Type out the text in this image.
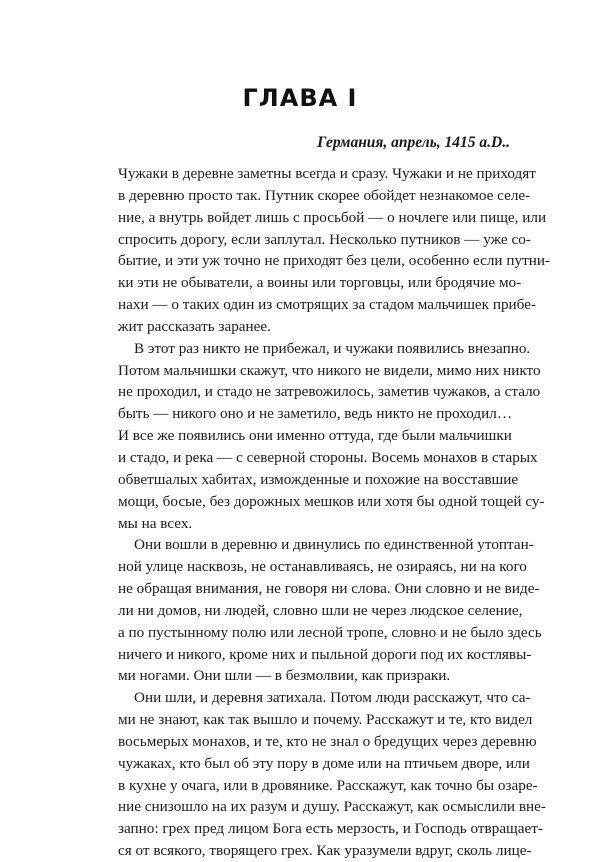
ГЛАВА I
Германия, апрель, 1415 a.D..
Чужаки в деревне заметны всегда и сразу. Чужаки и не приходят
в деревню просто так. Путник скорее обойдет незнакомое селе-
ние, а внутрь войдет лишь с просьбой — о ночлеге или пище, или
спросить дорогу, если заплутал. Несколько путников — уже со-
бытие, и эти уж точно не приходят без цели, особенно если путни-
ки эти не обыватели, а воины или торговцы, или бродячие мо-
нахи — о таких один из смотрящих за стадом мальчишек прибе-
жит рассказать заранее.
В этот раз никто не прибежал, и чужаки появились внезапно.
Потом мальчишки скажут, что никого не видели, мимо них никто
не проходил, и стадо не затревожилось, заметив чужаков, а стало
быть — никого оно и не заметило, ведь никто не проходил…
И все же появились они именно оттуда, где были мальчишки
и стадо, и река — с северной стороны. Восемь монахов в старых
обветшалых хабитах, изможденные и похожие на восставшие
мощи, босые, без дорожных мешков или хотя бы одной тощей су-
мы на всех.
Они вошли в деревню и двинулись по единственной утоптан-
ной улице насквозь, не останавливаясь, не озираясь, ни на кого
не обращая внимания, не говоря ни слова. Они словно и не виде-
ли ни домов, ни людей, словно шли не через людское селение,
а по пустынному полю или лесной тропе, словно и не было здесь
ничего и никого, кроме них и пыльной дороги под их костлявы-
ми ногами. Они шли — в безмолвии, как призраки.
Они шли, и деревня затихала. Потом люди расскажут, что са-
ми не знают, как так вышло и почему. Расскажут и те, кто видел
восьмерых монахов, и те, кто не знал о бредущих через деревню
чужаках, кто был об эту пору в доме или на птичьем дворе, или
в кухне у очага, или в дровянике. Расскажут, как точно бы озаре-
ние снизошло на их разум и душу. Расскажут, как осмыслили вне-
запно: грех пред лицом Бога есть мерзость, и Господь отвращает-
ся от всякого, творящего грех. Как уразумели вдруг, сколь лице-
